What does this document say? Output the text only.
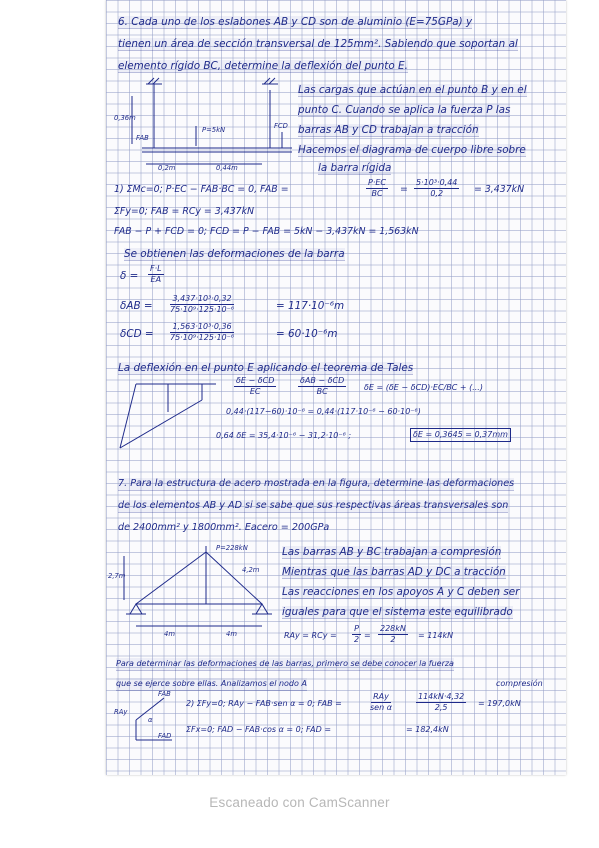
6. Cada uno de los eslabones AB y CD son de aluminio (E=75GPa) y
tienen un área de sección transversal de 125mm². Sabiendo que soportan al
elemento rígido BC, determine la deflexión del punto E.
0,36m
P=5kN
0,2m	0,44m
FAB
FCD
Las cargas que actúan en el punto B y en el
punto C. Cuando se aplica la fuerza P las
barras AB y CD trabajan a tracción
Hacemos el diagrama de cuerpo libre sobre
la barra rígida
1) ΣMc=0; P·EC − FAB·BC = 0, FAB =	$\frac{P\cdot EC}{BC} = \frac{\text{5·10³·0,44}}{0,2} = 3,437kN$
ΣFy=0; FAB = RCy = 3,437kN
FAB − P + FCD = 0; FCD = P − FAB = 5kN − 3,437kN = 1,563kN
Se obtienen las deformaciones de la barra
$\delta = \frac{F\cdot L}{EA}$
$\delta AB = \frac{\text{3,437·10³·0,32}}{\text{75·10⁹·125·10⁻⁶}}$	= 117·10⁻⁶m
$\delta CD = \frac{\text{1,563·10³·0,36}}{\text{75·10⁹·125·10⁻⁶}}$	= 60·10⁻⁶m
La deflexión en el punto E aplicando el teorema de Tales
δE − δCD
EC
δAB − δCD
BC	δE = (δE − δCD)·EC/BC + (...)
0,44·(117−60)·10⁻⁶ = 0,44·(117·10⁻⁶ − 60·10⁻⁶)
0,64 δE = 35,4·10⁻⁶ − 31,2·10⁻⁶ ;	δE = 0,3645 = 0,37mm
7. Para la estructura de acero mostrada en la figura, determine las deformaciones
de los elementos AB y AD si se sabe que sus respectivas áreas transversales son
de 2400mm² y 1800mm². Eacero = 200GPa
P=228kN
2,7m
4m	4m
4,2m
Las barras AB y BC trabajan a compresión
Mientras que las barras AD y DC a tracción
Las reacciones en los apoyos A y C deben ser
iguales para que el sistema este equilibrado
RAy = RCy = $\frac{P}{2} = \frac{228kN}{2} = 114kN$
Para determinar las deformaciones de las barras, primero se debe conocer la fuerza
que se ejerce sobre ellas. Analizamos el nodo A	compresión
RAy
FAB
FAD
α
2) ΣFy=0; RAy − FAB·sen α = 0; FAB =
RAy
sen α	$\frac{114kN\cdot 4,32}{2,5} = 197,0kN$
ΣFx=0; FAD − FAB·cos α = 0; FAD =	= 182,4kN
Escaneado con CamScanner
